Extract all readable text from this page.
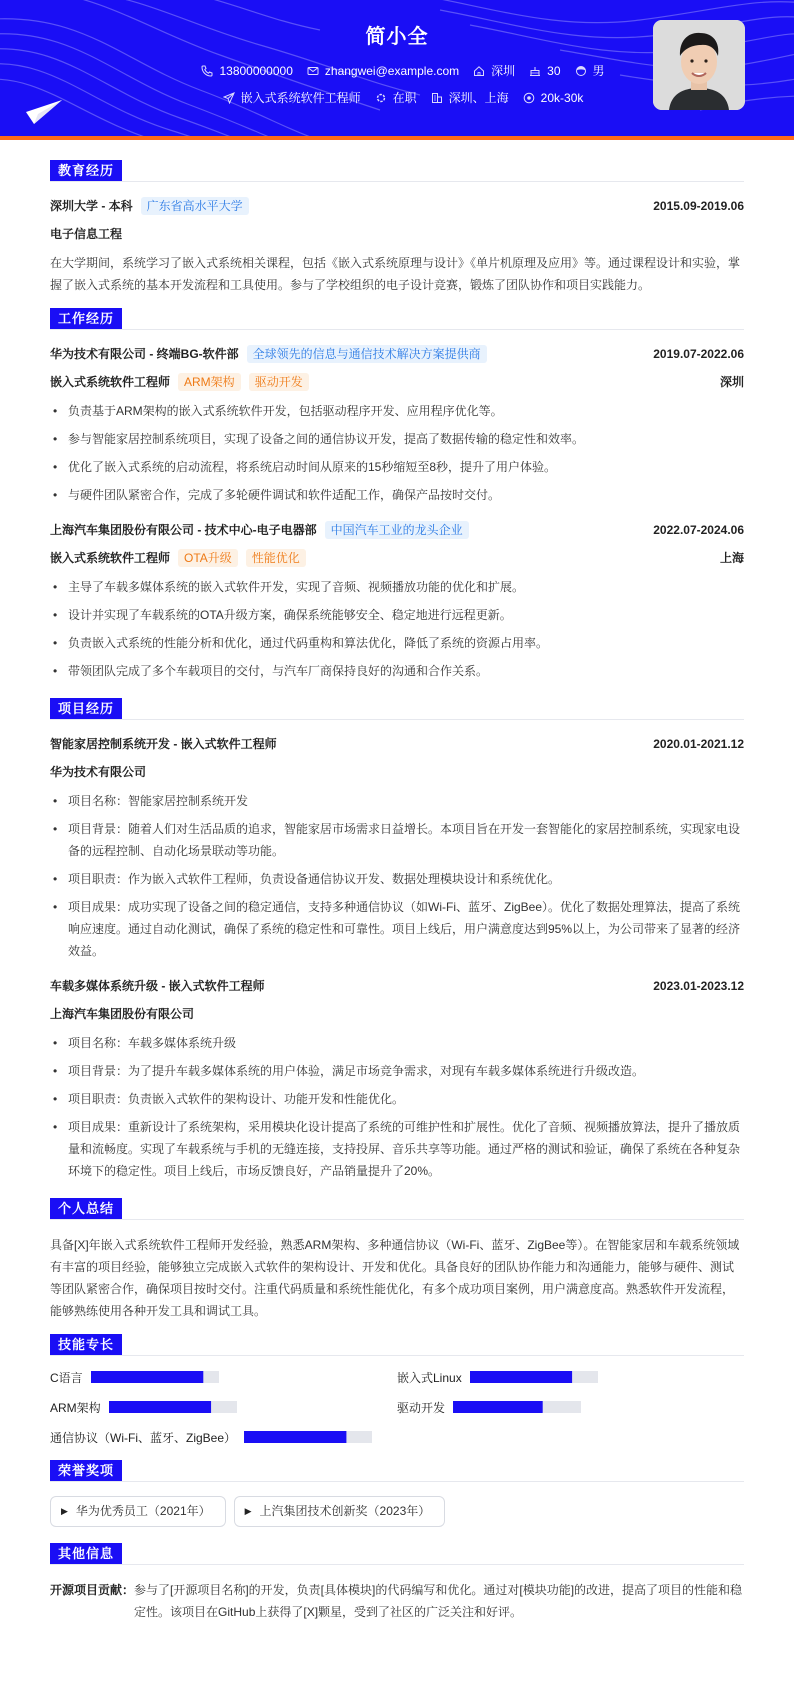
简小全
13800000000	zhangwei@example.com	深圳	30	男
嵌入式系统软件工程师	在职	深圳、上海	20k-30k
教育经历
深圳大学 - 本科	广东省高水平大学	2015.09-2019.06
电子信息工程
在大学期间，系统学习了嵌入式系统相关课程，包括《嵌入式系统原理与设计》《单片机原理及应用》等。通过课程设计和实验，掌握了嵌入式系统的基本开发流程和工具使用。参与了学校组织的电子设计竞赛，锻炼了团队协作和项目实践能力。
工作经历
华为技术有限公司 - 终端BG-软件部	全球领先的信息与通信技术解决方案提供商	2019.07-2022.06
嵌入式系统软件工程师	ARM架构	驱动开发	深圳
• 负责基于ARM架构的嵌入式系统软件开发，包括驱动程序开发、应用程序优化等。
• 参与智能家居控制系统项目，实现了设备之间的通信协议开发，提高了数据传输的稳定性和效率。
• 优化了嵌入式系统的启动流程，将系统启动时间从原来的15秒缩短至8秒，提升了用户体验。
• 与硬件团队紧密合作，完成了多轮硬件调试和软件适配工作，确保产品按时交付。
上海汽车集团股份有限公司 - 技术中心-电子电器部	中国汽车工业的龙头企业	2022.07-2024.06
嵌入式系统软件工程师	OTA升级	性能优化	上海
• 主导了车载多媒体系统的嵌入式软件开发，实现了音频、视频播放功能的优化和扩展。
• 设计并实现了车载系统的OTA升级方案，确保系统能够安全、稳定地进行远程更新。
• 负责嵌入式系统的性能分析和优化，通过代码重构和算法优化，降低了系统的资源占用率。
• 带领团队完成了多个车载项目的交付，与汽车厂商保持良好的沟通和合作关系。
项目经历
智能家居控制系统开发 - 嵌入式软件工程师	2020.01-2021.12
华为技术有限公司
• 项目名称：智能家居控制系统开发
• 项目背景：随着人们对生活品质的追求，智能家居市场需求日益增长。本项目旨在开发一套智能化的家居控制系统，实现家电设备的远程控制、自动化场景联动等功能。
• 项目职责：作为嵌入式软件工程师，负责设备通信协议开发、数据处理模块设计和系统优化。
• 项目成果：成功实现了设备之间的稳定通信，支持多种通信协议（如Wi-Fi、蓝牙、ZigBee）。优化了数据处理算法，提高了系统响应速度。通过自动化测试，确保了系统的稳定性和可靠性。项目上线后，用户满意度达到95%以上，为公司带来了显著的经济效益。
车载多媒体系统升级 - 嵌入式软件工程师	2023.01-2023.12
上海汽车集团股份有限公司
• 项目名称：车载多媒体系统升级
• 项目背景：为了提升车载多媒体系统的用户体验，满足市场竞争需求，对现有车载多媒体系统进行升级改造。
• 项目职责：负责嵌入式软件的架构设计、功能开发和性能优化。
• 项目成果：重新设计了系统架构，采用模块化设计提高了系统的可维护性和扩展性。优化了音频、视频播放算法，提升了播放质量和流畅度。实现了车载系统与手机的无缝连接，支持投屏、音乐共享等功能。通过严格的测试和验证，确保了系统在各种复杂环境下的稳定性。项目上线后，市场反馈良好，产品销量提升了20%。
个人总结
具备[X]年嵌入式系统软件工程师开发经验，熟悉ARM架构、多种通信协议（Wi-Fi、蓝牙、ZigBee等）。在智能家居和车载系统领域有丰富的项目经验，能够独立完成嵌入式软件的架构设计、开发和优化。具备良好的团队协作能力和沟通能力，能够与硬件、测试等团队紧密合作，确保项目按时交付。注重代码质量和系统性能优化，有多个成功项目案例，用户满意度高。熟悉软件开发流程，能够熟练使用各种开发工具和调试工具。
技能专长
C语言	嵌入式Linux
ARM架构	驱动开发
通信协议（Wi-Fi、蓝牙、ZigBee）
荣誉奖项
▶ 华为优秀员工（2021年）	▶ 上汽集团技术创新奖（2023年）
其他信息
开源项目贡献： 参与了[开源项目名称]的开发，负责[具体模块]的代码编写和优化。通过对[模块功能]的改进，提高了项目的性能和稳定性。该项目在GitHub上获得了[X]颗星，受到了社区的广泛关注和好评。
